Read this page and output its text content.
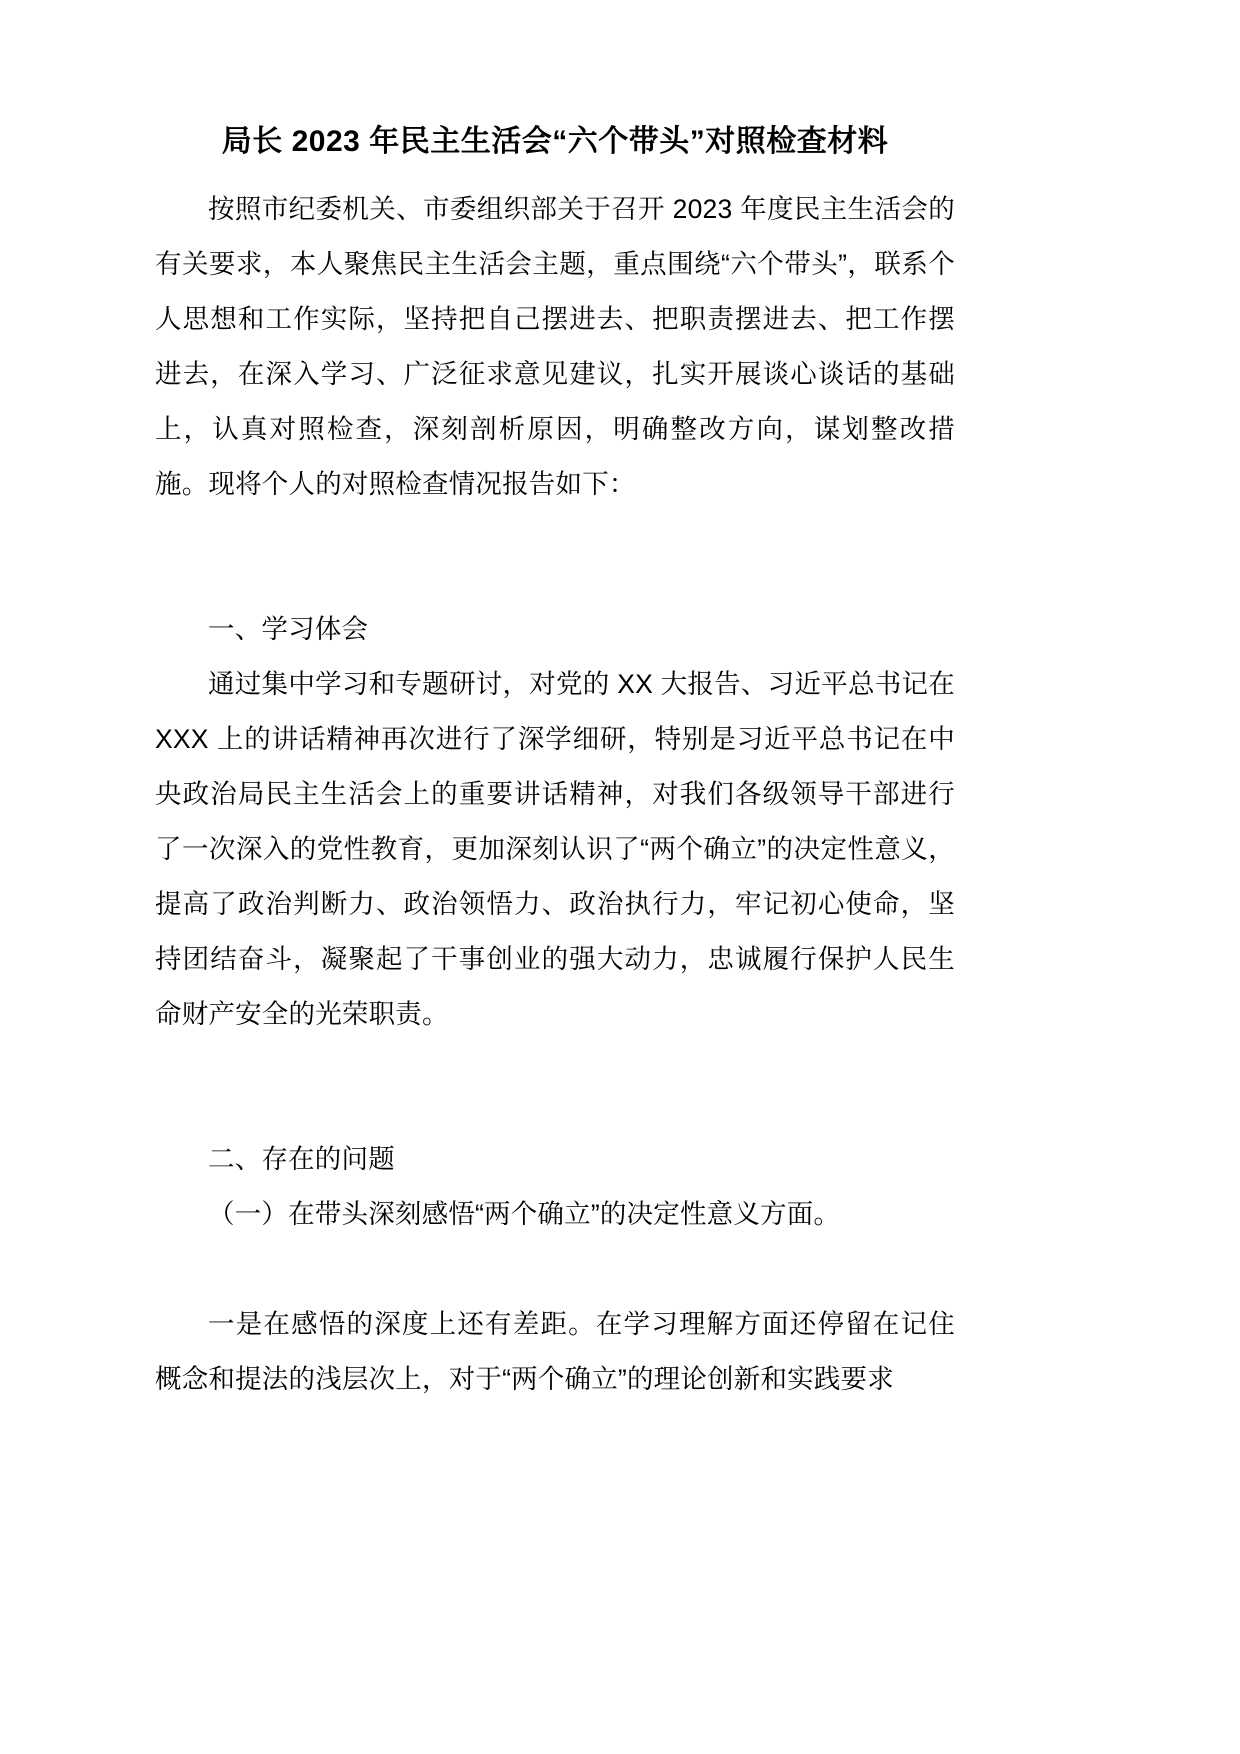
局长 2023 年民主生活会“六个带头”对照检查材料

按照市纪委机关、市委组织部关于召开 2023 年度民主生活会的有关要求，本人聚焦民主生活会主题，重点围绕“六个带头”，联系个人思想和工作实际，坚持把自己摆进去、把职责摆进去、把工作摆进去，在深入学习、广泛征求意见建议，扎实开展谈心谈话的基础上，认真对照检查，深刻剖析原因，明确整改方向，谋划整改措施。现将个人的对照检查情况报告如下：

一、学习体会

通过集中学习和专题研讨，对党的 XX 大报告、习近平总书记在 XXX 上的讲话精神再次进行了深学细研，特别是习近平总书记在中央政治局民主生活会上的重要讲话精神，对我们各级领导干部进行了一次深入的党性教育，更加深刻认识了“两个确立”的决定性意义，提高了政治判断力、政治领悟力、政治执行力，牢记初心使命，坚持团结奋斗，凝聚起了干事创业的强大动力，忠诚履行保护人民生命财产安全的光荣职责。

二、存在的问题
（一）在带头深刻感悟“两个确立”的决定性意义方面。

一是在感悟的深度上还有差距。在学习理解方面还停留在记住概念和提法的浅层次上，对于“两个确立”的理论创新和实践要求
